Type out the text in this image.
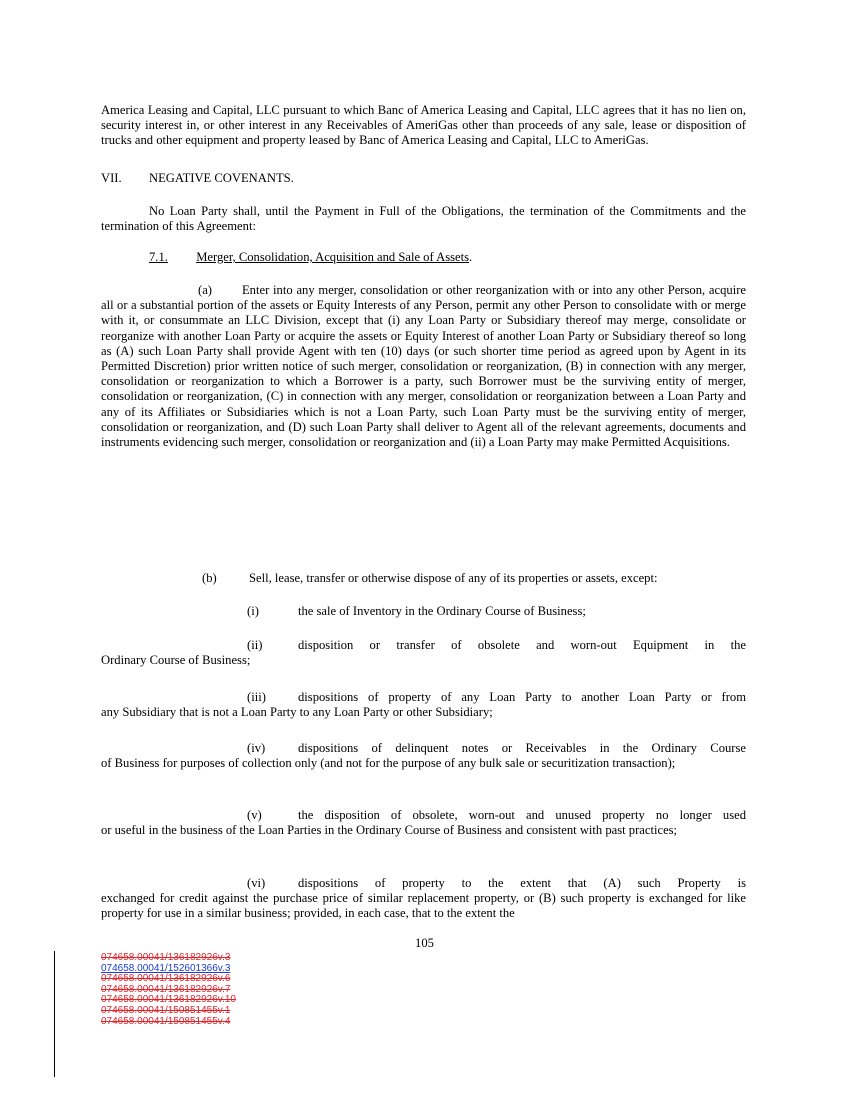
America Leasing and Capital, LLC pursuant to which Banc of America Leasing and Capital, LLC agrees that it has no lien on, security interest in, or other interest in any Receivables of AmeriGas other than proceeds of any sale, lease or disposition of trucks and other equipment and property leased by Banc of America Leasing and Capital, LLC to AmeriGas.

VII. NEGATIVE COVENANTS.

No Loan Party shall, until the Payment in Full of the Obligations, the termination of the Commitments and the termination of this Agreement:

7.1. Merger, Consolidation, Acquisition and Sale of Assets.

(a) Enter into any merger, consolidation or other reorganization with or into any other Person, acquire all or a substantial portion of the assets or Equity Interests of any Person, permit any other Person to consolidate with or merge with it, or consummate an LLC Division, except that (i) any Loan Party or Subsidiary thereof may merge, consolidate or reorganize with another Loan Party or acquire the assets or Equity Interest of another Loan Party or Subsidiary thereof so long as (A) such Loan Party shall provide Agent with ten (10) days (or such shorter time period as agreed upon by Agent in its Permitted Discretion) prior written notice of such merger, consolidation or reorganization, (B) in connection with any merger, consolidation or reorganization to which a Borrower is a party, such Borrower must be the surviving entity of merger, consolidation or reorganization, (C) in connection with any merger, consolidation or reorganization between a Loan Party and any of its Affiliates or Subsidiaries which is not a Loan Party, such Loan Party must be the surviving entity of merger, consolidation or reorganization, and (D) such Loan Party shall deliver to Agent all of the relevant agreements, documents and instruments evidencing such merger, consolidation or reorganization and (ii) a Loan Party may make Permitted Acquisitions.

(b)	Sell, lease, transfer or otherwise dispose of any of its properties or assets, except:
(i)	the sale of Inventory in the Ordinary Course of Business;
(ii)	disposition or transfer of obsolete and worn-out Equipment in the
Ordinary Course of Business;
(iii)	dispositions of property of any Loan Party to another Loan Party or from
any Subsidiary that is not a Loan Party to any Loan Party or other Subsidiary;
(iv)	dispositions of delinquent notes or Receivables in the Ordinary Course
of Business for purposes of collection only (and not for the purpose of any bulk sale or securitization transaction);
(v)	the disposition of obsolete, worn-out and unused property no longer used
or useful in the business of the Loan Parties in the Ordinary Course of Business and consistent with past practices;
(vi)	dispositions of property to the extent that (A) such Property is
exchanged for credit against the purchase price of similar replacement property, or (B) such property is exchanged for like property for use in a similar business; provided, in each case, that to the extent the
105
074658.00041/136182926v.3
074658.00041/152601366v.3
074658.00041/136182926v.6
074658.00041/136182926v.7
074658.00041/136182926v.10
074658.00041/150851455v.1
074658.00041/150851455v.4
